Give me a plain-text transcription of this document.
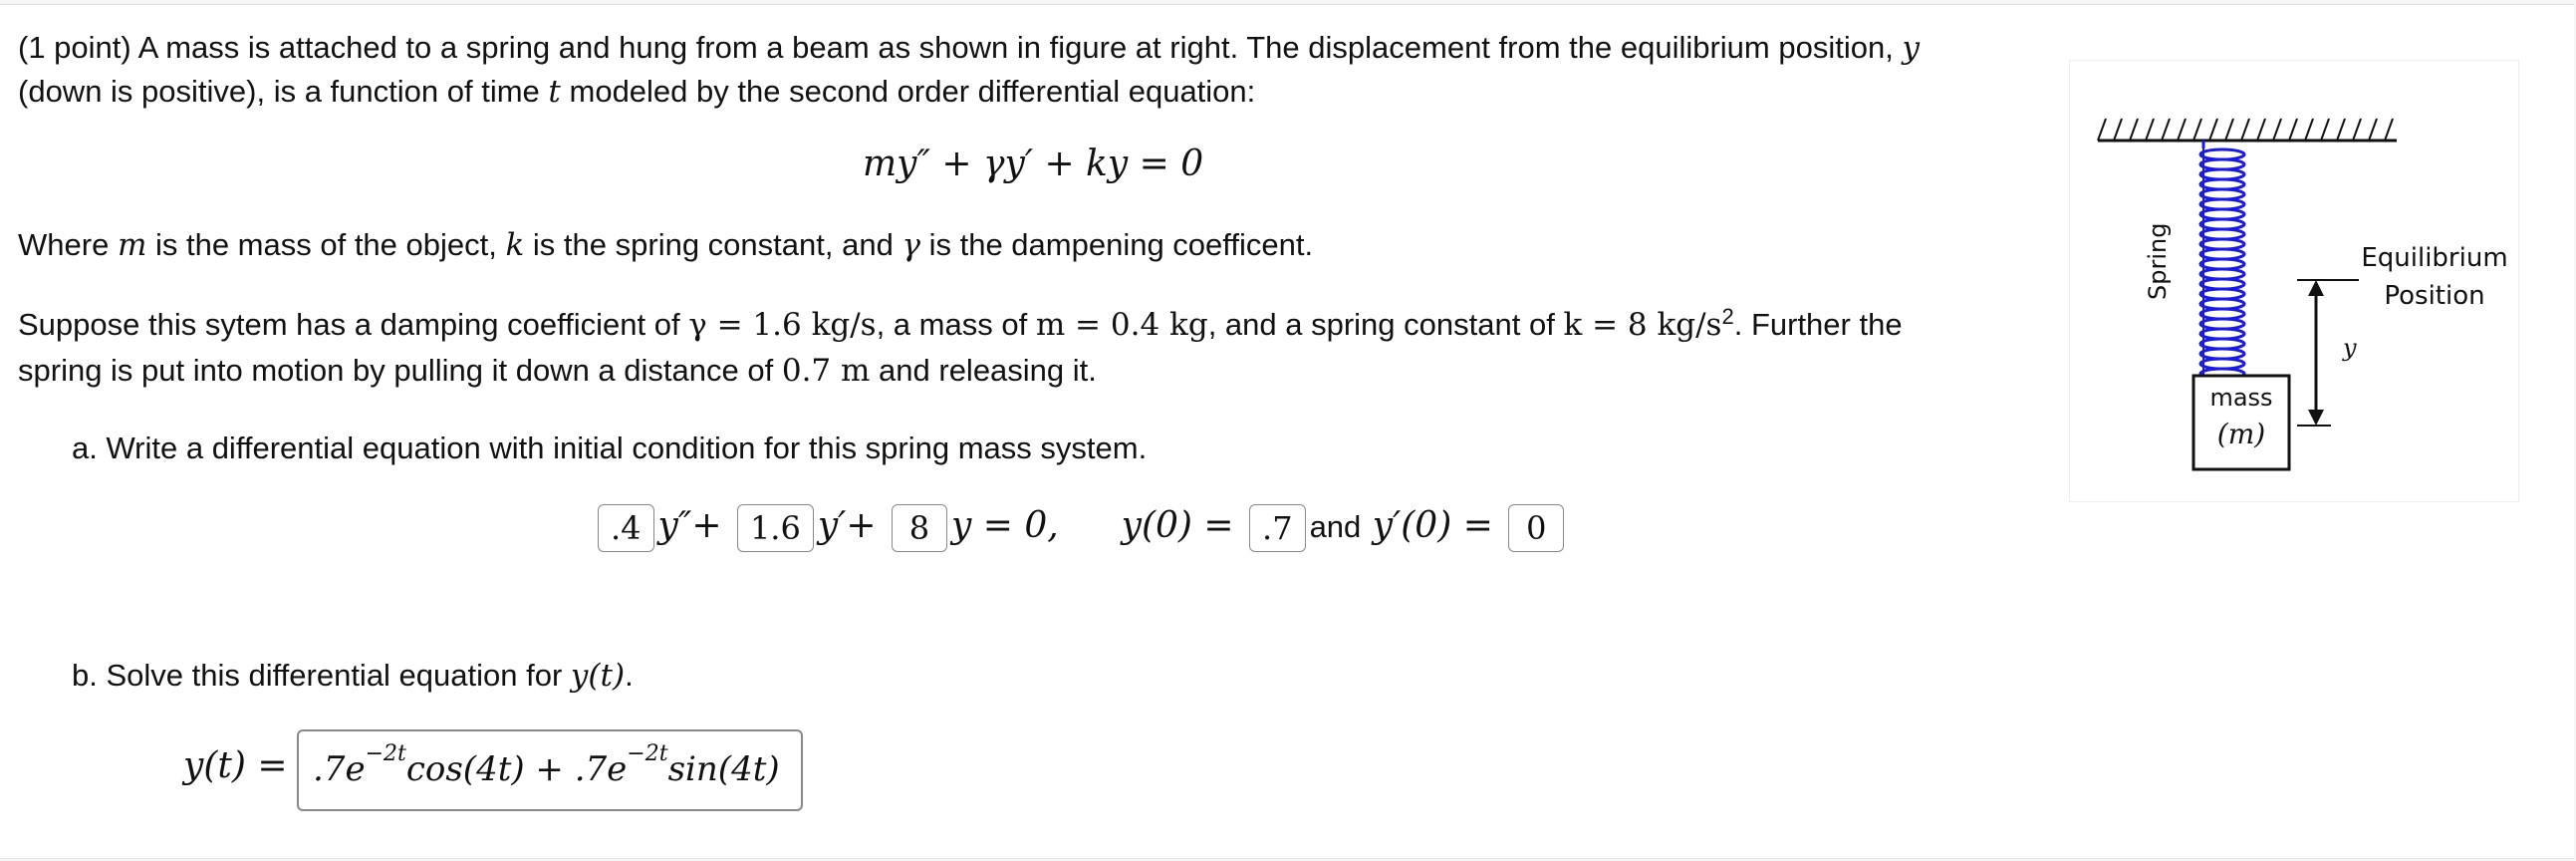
(1 point) A mass is attached to a spring and hung from a beam as shown in figure at right. The displacement from the equilibrium position, y
(down is positive), is a function of time t modeled by the second order differential equation:
my″ + γy′ + ky = 0
Where m is the mass of the object, k is the spring constant, and γ is the dampening coefficent.
Suppose this sytem has a damping coefficient of γ = 1.6 kg/s, a mass of m = 0.4 kg, and a spring constant of k = 8 $kg/s^2$. Further the
spring is put into motion by pulling it down a distance of 0.7 m and releasing it.
a. Write a differential equation with initial condition for this spring mass system.
.4 y″+ 1.6 y′+ 8 y = 0, y(0) = .7 and y′(0) = 0
b. Solve this differential equation for y(t).
$y(t) = .7e^{-2t}\cos(4t) + .7e^{-2t}\sin(4t)$
Spring
mass
(m)
y
Equilibrium
Position
